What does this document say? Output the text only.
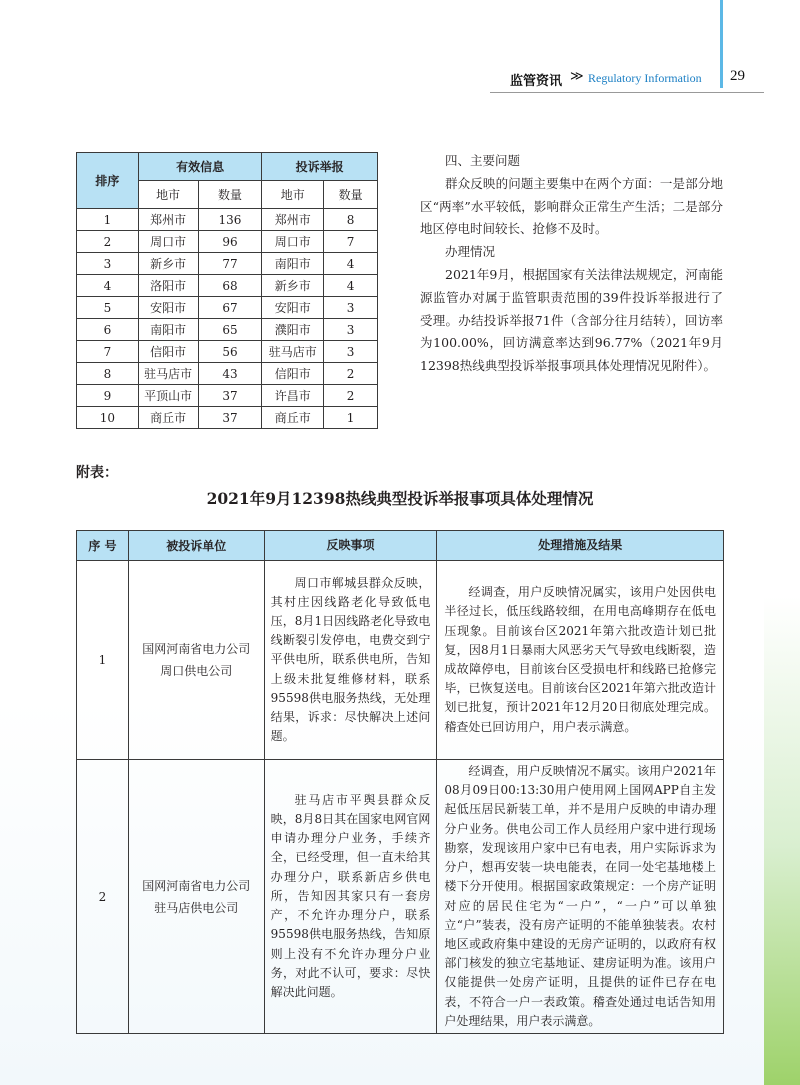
监管资讯 ≫ Regulatory Information 29
排序	有效信息		投诉举报	
	地市	数量	地市	数量
1	郑州市	136	郑州市	8
2	周口市	96	周口市	7
3	新乡市	77	南阳市	4
4	洛阳市	68	新乡市	4
5	安阳市	67	安阳市	3
6	南阳市	65	濮阳市	3
7	信阳市	56	驻马店市	3
8	驻马店市	43	信阳市	2
9	平顶山市	37	许昌市	2
10	商丘市	37	商丘市	1

四、主要问题

群众反映的问题主要集中在两个方面：一是部分地区“两率”水平较低，影响群众正常生产生活；二是部分地区停电时间较长、抢修不及时。

办理情况

2021年9月，根据国家有关法律法规规定，河南能源监管办对属于监管职责范围的39件投诉举报进行了受理。办结投诉举报71件（含部分往月结转），回访率为100.00%，回访满意率达到96.77%（2021年9月12398热线典型投诉举报事项具体处理情况见附件）。

附表：
2021年9月12398热线典型投诉举报事项具体处理情况
序 号	被投诉单位	反映事项	处理措施及结果
1	国网河南省电力公司
周口供电公司	周口市郸城县群众反映，其村庄因线路老化导致低电压，8月1日因线路老化导致电线断裂引发停电，电费交到宁平供电所，联系供电所，告知上级未批复维修材料，联系95598供电服务热线，无处理结果，诉求：尽快解决上述问题。	经调查，用户反映情况属实，该用户处因供电半径过长，低压线路较细，在用电高峰期存在低电压现象。目前该台区2021年第六批改造计划已批复，因8月1日暴雨大风恶劣天气导致电线断裂，造成故障停电，目前该台区受损电杆和线路已抢修完毕，已恢复送电。目前该台区2021年第六批改造计划已批复，预计2021年12月20日彻底处理完成。稽查处已回访用户，用户表示满意。

2	国网河南省电力公司
驻马店供电公司	驻马店市平舆县群众反映，8月8日其在国家电网官网申请办理分户业务，手续齐全，已经受理，但一直未给其办理分户，联系新店乡供电所，告知因其家只有一套房产，不允许办理分户，联系95598供电服务热线，告知原则上没有不允许办理分户业务，对此不认可，要求：尽快解决此问题。	经调查，用户反映情况不属实。该用户2021年08月09日00:13:30用户使用网上国网APP自主发起低压居民新装工单，并不是用户反映的申请办理分户业务。供电公司工作人员经用户家中进行现场勘察，发现该用户家中已有电表，用户实际诉求为分户，想再安装一块电能表，在同一处宅基地楼上楼下分开使用。根据国家政策规定：一个房产证明对应的居民住宅为“一户”，“一户”可以单独立“户”装表，没有房产证明的不能单独装表。农村地区或政府集中建设的无房产证明的，以政府有权部门核发的独立宅基地证、建房证明为准。该用户仅能提供一处房产证明，且提供的证件已存在电表，不符合一户一表政策。稽查处通过电话告知用户处理结果，用户表示满意。
